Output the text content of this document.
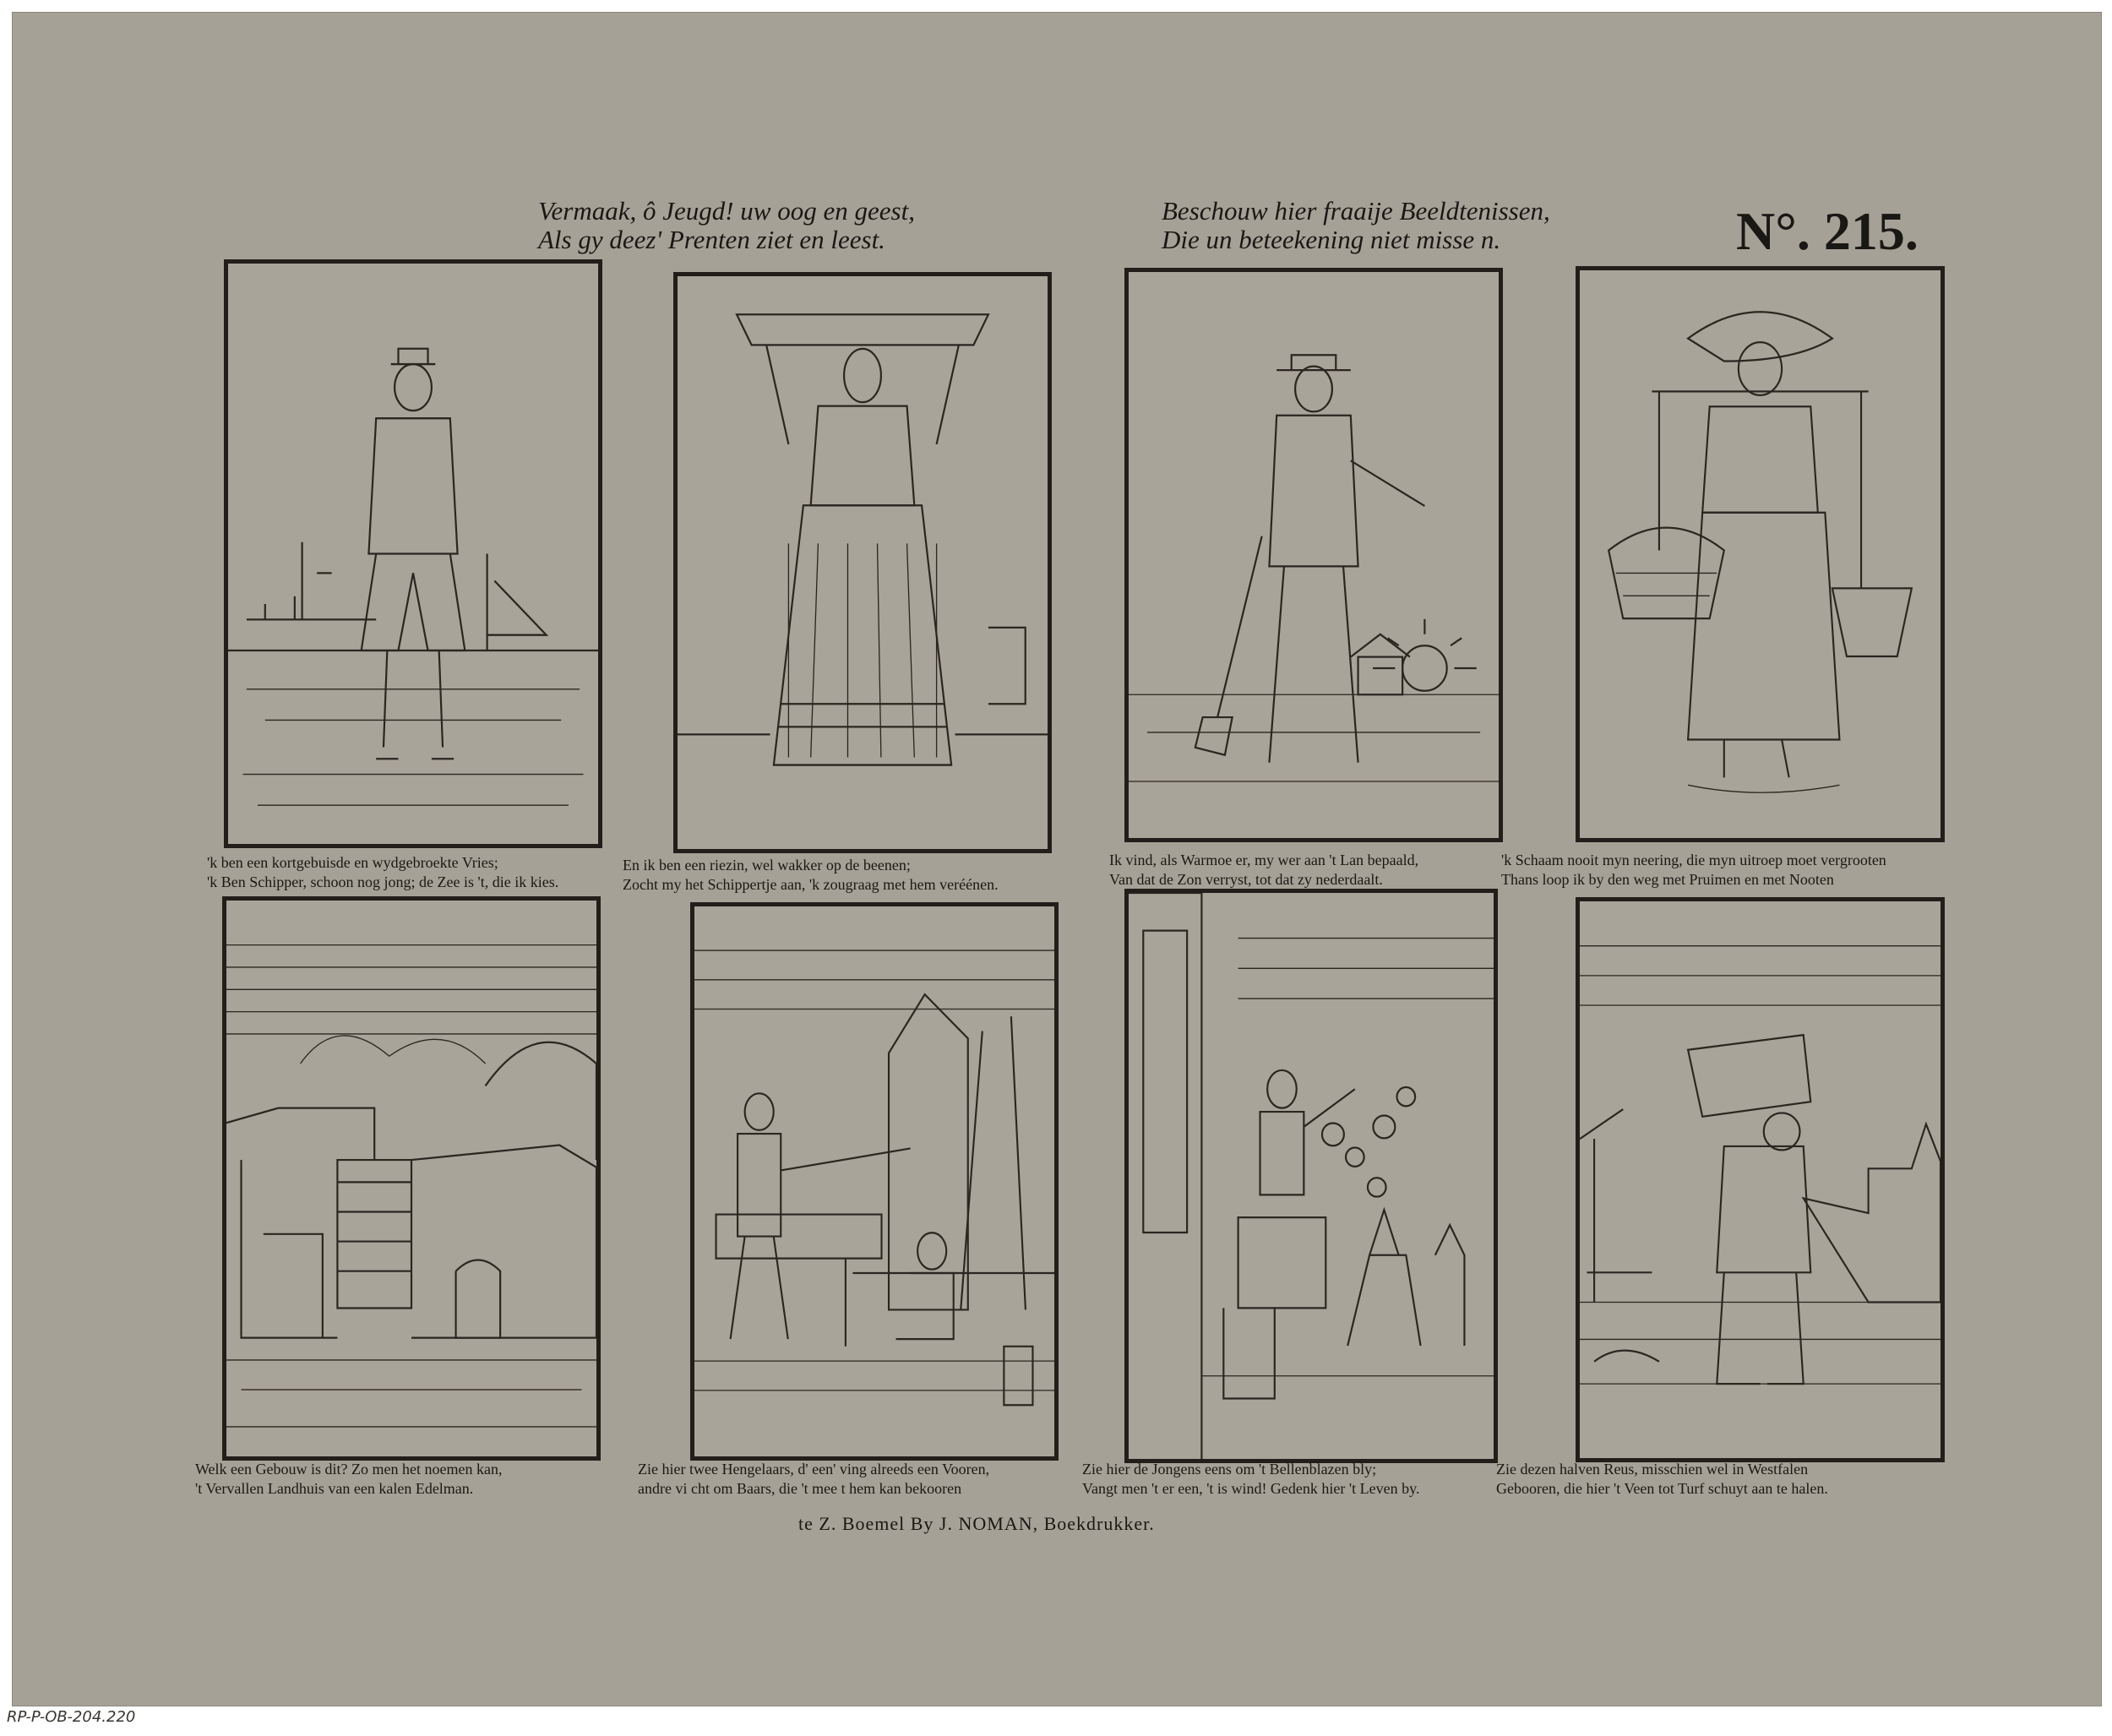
Vermaak, ô Jeugd! uw oog en geest,
Als gy deez' Prenten ziet en leest.
Beschouw hier fraaije Beeldtenissen,
Die un beteekening niet misse n.	N°. 215.
'k ben een kortgebuisde en wydgebroekte Vries;
'k Ben Schipper, schoon nog jong; de Zee is 't, die ik kies.
En ik ben een riezin, wel wakker op de beenen;
Zocht my het Schippertje aan, 'k zougraag met hem veréénen.
Ik vind, als Warmoe er, my wer aan 't Lan bepaald,
Van dat de Zon verryst, tot dat zy nederdaalt.
'k Schaam nooit myn neering, die myn uitroep moet vergrooten
Thans loop ik by den weg met Pruimen en met Nooten
Welk een Gebouw is dit? Zo men het noemen kan,
't Vervallen Landhuis van een kalen Edelman.
Zie hier twee Hengelaars, d' een' ving alreeds een Vooren,
andre vi cht om Baars, die 't mee t hem kan bekooren
Zie hier de Jongens eens om 't Bellenblazen bly;
Vangt men 't er een, 't is wind! Gedenk hier 't Leven by.
Zie dezen halven Reus, misschien wel in Westfalen
Gebooren, die hier 't Veen tot Turf schuyt aan te halen.
te Z. Boemel By J. NOMAN, Boekdrukker.
RP-P-OB-204.220
